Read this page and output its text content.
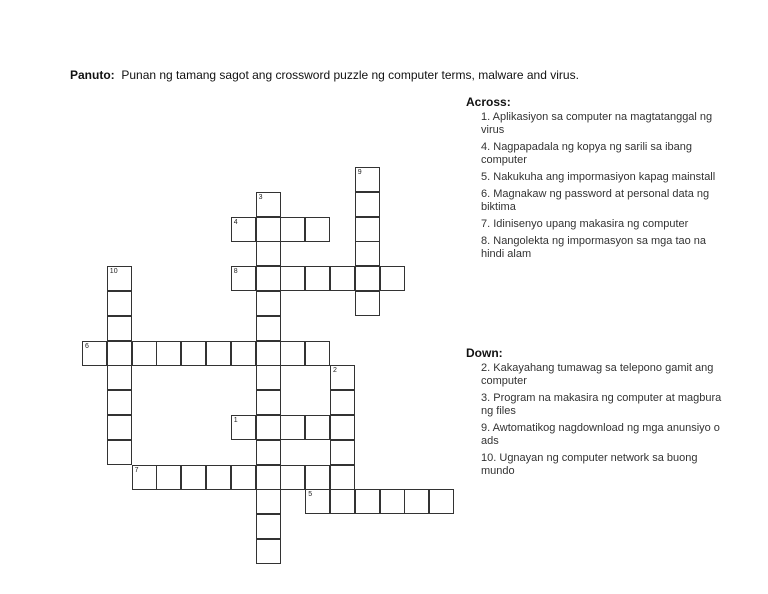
Panuto: Punan ng tamang sagot ang crossword puzzle ng computer terms, malware and virus.
4
8
6
1
7
5
10
3
9
2
Across:
1 . Aplikasiyon sa computer na magtatanggal ng virus
4 . Nagpapadala ng kopya ng sarili sa ibang computer
5 . Nakukuha ang impormasiyon kapag mainstall
6 . Magnakaw ng password at personal data ng biktima
7 . Idinisenyo upang makasira ng computer
8 . Nangolekta ng impormasyon sa mga tao na hindi alam
Down:
2 . Kakayahang tumawag sa telepono gamit ang computer
3 . Program na makasira ng computer at magbura ng files
9 . Awtomatikog nagdownload ng mga anunsiyo o ads
10 . Ugnayan ng computer network sa buong mundo
